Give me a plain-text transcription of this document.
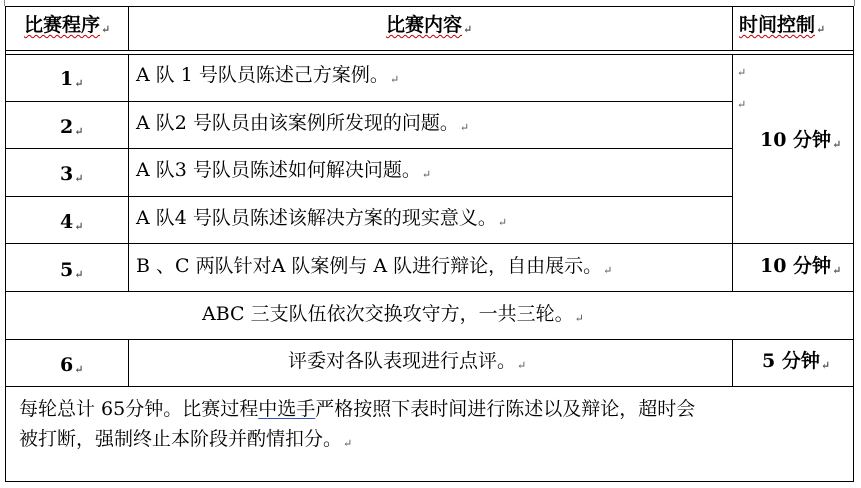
比赛程序↵	比赛内容↵	时间控制↵
1↵	A 队 1 号队员陈述己方案例。↵
2↵	A 队2 号队员由该案例所发现的问题。↵
3↵	A 队3 号队员陈述如何解决问题。↵
4↵	A 队4 号队员陈述该解决方案的现实意义。↵
↵
↵
10 分钟↵
5↵	B 、C 两队针对A 队案例与 A 队进行辩论，自由展示。↵	10 分钟↵
ABC 三支队伍依次交换攻守方，一共三轮。↵
6↵	评委对各队表现进行点评。↵	5 分钟↵
每轮总计 65分钟。比赛过程中选手严格按照下表时间进行陈述以及辩论，超时会
被打断，强制终止本阶段并酌情扣分。↵
